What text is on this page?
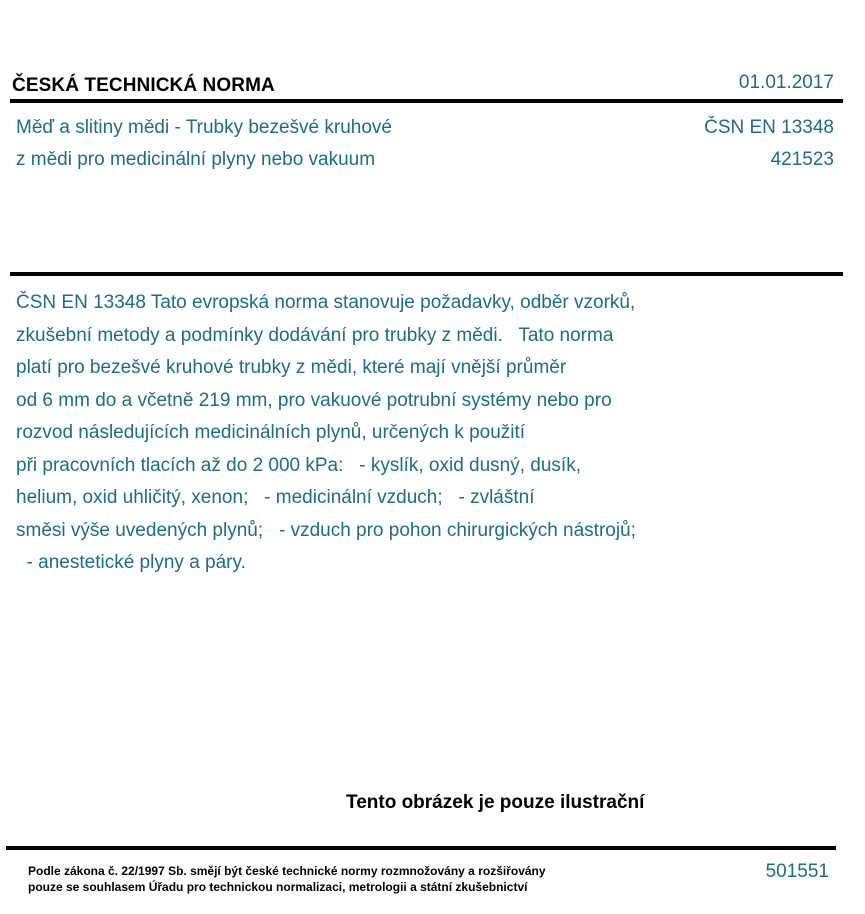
ČESKÁ TECHNICKÁ NORMA	01.01.2017
Měď a slitiny mědi - Trubky bezešvé kruhové
z mědi pro medicinální plyny nebo vakuum
ČSN EN 13348
421523
ČSN EN 13348 Tato evropská norma stanovuje požadavky, odběr vzorků,
zkušební metody a podmínky dodávání pro trubky z mědi.   Tato norma
platí pro bezešvé kruhové trubky z mědi, které mají vnější průměr
od 6 mm do a včetně 219 mm, pro vakuové potrubní systémy nebo pro
rozvod následujících medicinálních plynů, určených k použití
při pracovních tlacích až do 2 000 kPa:   - kyslík, oxid dusný, dusík,
helium, oxid uhličitý, xenon;   - medicinální vzduch;   - zvláštní
směsi výše uvedených plynů;   - vzduch pro pohon chirurgických nástrojů;
- anestetické plyny a páry.
Tento obrázek je pouze ilustrační
Podle zákona č. 22/1997 Sb. smějí být české technické normy rozmnožovány a rozšiřovány
pouze se souhlasem Úřadu pro technickou normalizaci, metrologii a státní zkušebnictví
501551
